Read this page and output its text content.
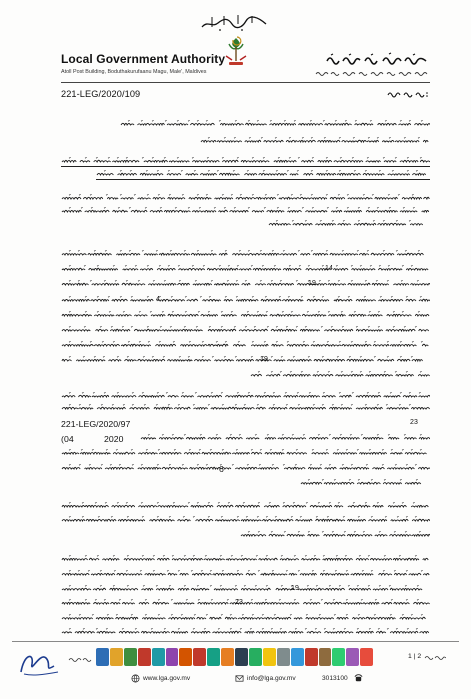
Local Government Authority
Atoll Post Building, Boduthakurufaanu Magu, Male', Maldives
221-LEG/2020/109
221-LEG/2020/97	23
(04	2020
6
14
19
19
4
19
23
1 | 2
www.lga.gov.mv	info@lga.gov.mv	3013100
